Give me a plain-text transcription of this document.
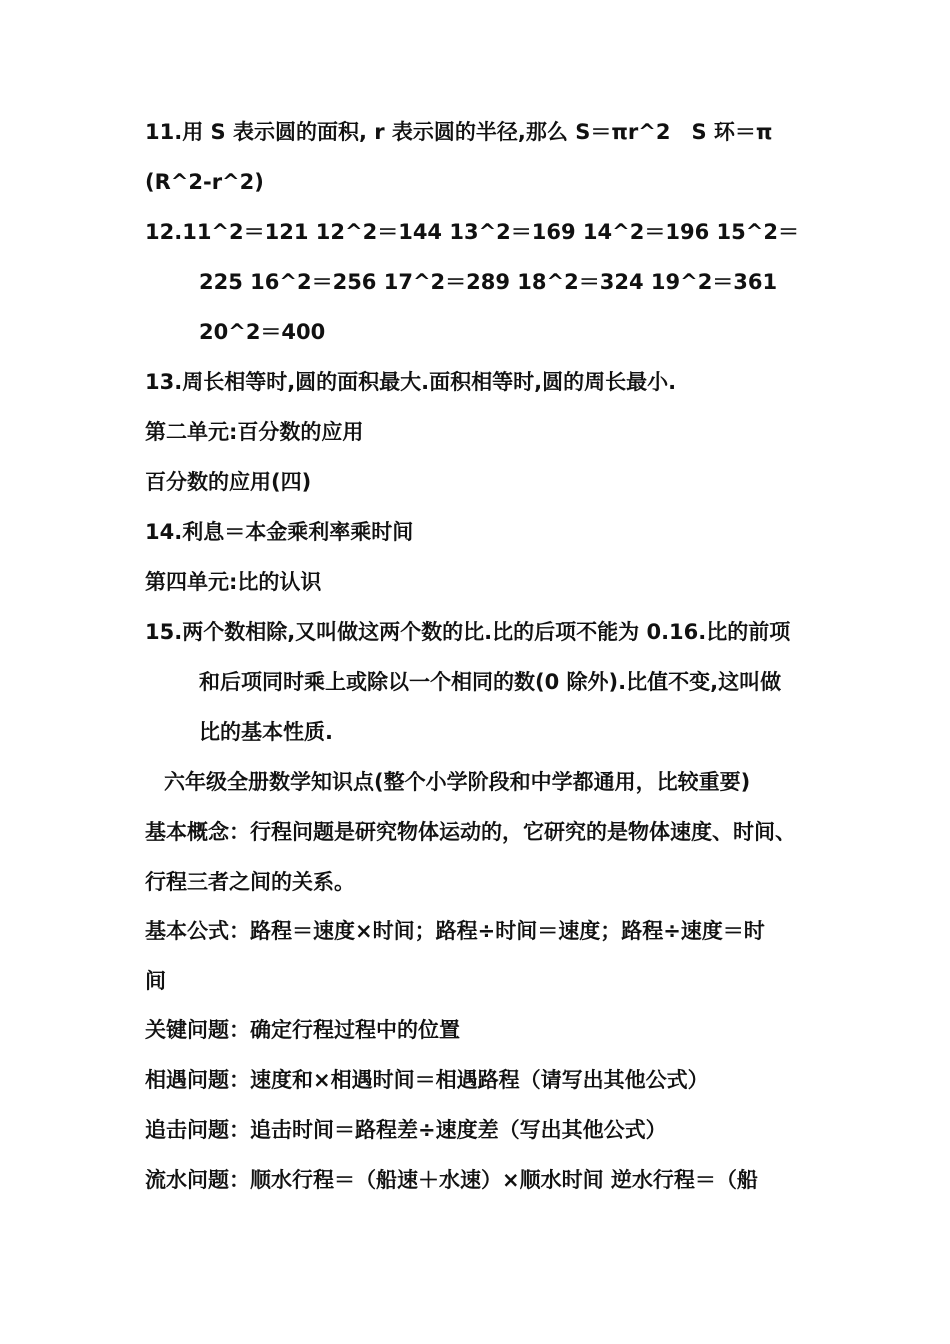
11.用 S 表示圆的面积, r 表示圆的半径,那么 S＝πr^2　S 环＝π
(R^2-r^2)
12.11^2＝121 12^2＝144 13^2＝169 14^2＝196 15^2＝
225 16^2＝256 17^2＝289 18^2＝324 19^2＝361
20^2＝400
13.周长相等时,圆的面积最大.面积相等时,圆的周长最小.
第二单元:百分数的应用
百分数的应用(四)
14.利息＝本金乘利率乘时间
第四单元:比的认识
15.两个数相除,又叫做这两个数的比.比的后项不能为 0.16.比的前项
和后项同时乘上或除以一个相同的数(0 除外).比值不变,这叫做
比的基本性质.
六年级全册数学知识点(整个小学阶段和中学都通用，比较重要)
基本概念：行程问题是研究物体运动的，它研究的是物体速度、时间、
行程三者之间的关系。
基本公式：路程＝速度×时间；路程÷时间＝速度；路程÷速度＝时
间
关键问题：确定行程过程中的位置
相遇问题：速度和×相遇时间＝相遇路程（请写出其他公式）
追击问题：追击时间＝路程差÷速度差（写出其他公式）
流水问题：顺水行程＝（船速＋水速）×顺水时间 逆水行程＝（船
